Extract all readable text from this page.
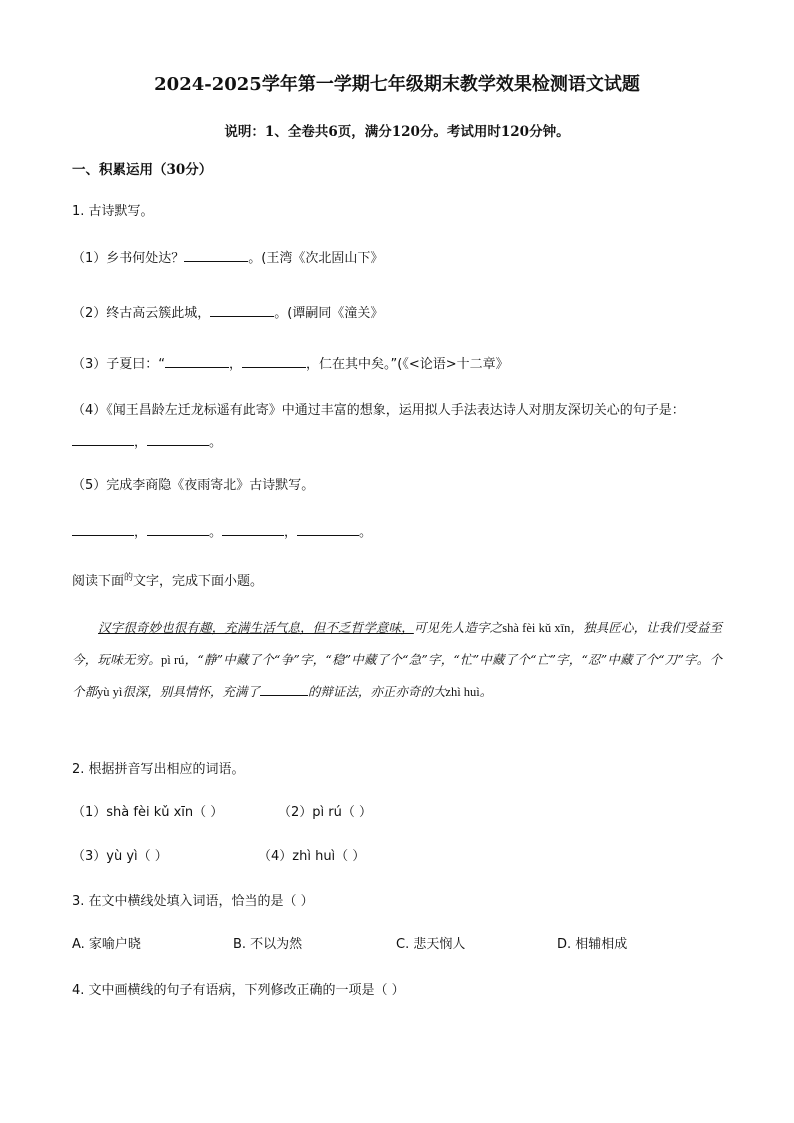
2024-2025学年第一学期七年级期末教学效果检测语文试题
说明：1、全卷共6页，满分120分。考试用时120分钟。
一、积累运用（30分）
1. 古诗默写。
（1）乡书何处达？	。(王湾《次北固山下》
（2）终古高云簇此城，	。(谭嗣同《潼关》
（3）子夏曰：“	，	，仁在其中矣。”(《<论语>十二章》
（4）《闻王昌龄左迁龙标遥有此寄》中通过丰富的想象，运用拟人手法表达诗人对朋友深切关心的句子是：
，	。
（5）完成李商隐《夜雨寄北》古诗默写。
，	。	，	。
阅读下面$^的$文字，完成下面小题。

汉字很奇妙也很有趣，充满生活气息，但不乏哲学意味，可见先人造字之shà fèi kǔ xīn，独具匠心，让我们受益至今，玩味无穷。pì rú，“静”中藏了个“争”字，“稳”中藏了个“急”字，“忙”中藏了个“亡”字，“忍”中藏了个“刀”字。个个都yù yì很深，别具情怀，充满了	的辩证法，亦正亦奇的大zhì huì。

2. 根据拼音写出相应的词语。
（1）shà fèi kǔ xīn（ ）	（2）pì rú（ ）
（3）yù yì（ ）	（4）zhì huì（ ）
3. 在文中横线处填入词语，恰当的是（ ）
A. 家喻户晓	B. 不以为然	C. 悲天悯人	D. 相辅相成
4. 文中画横线的句子有语病，下列修改正确的一项是（ ）
